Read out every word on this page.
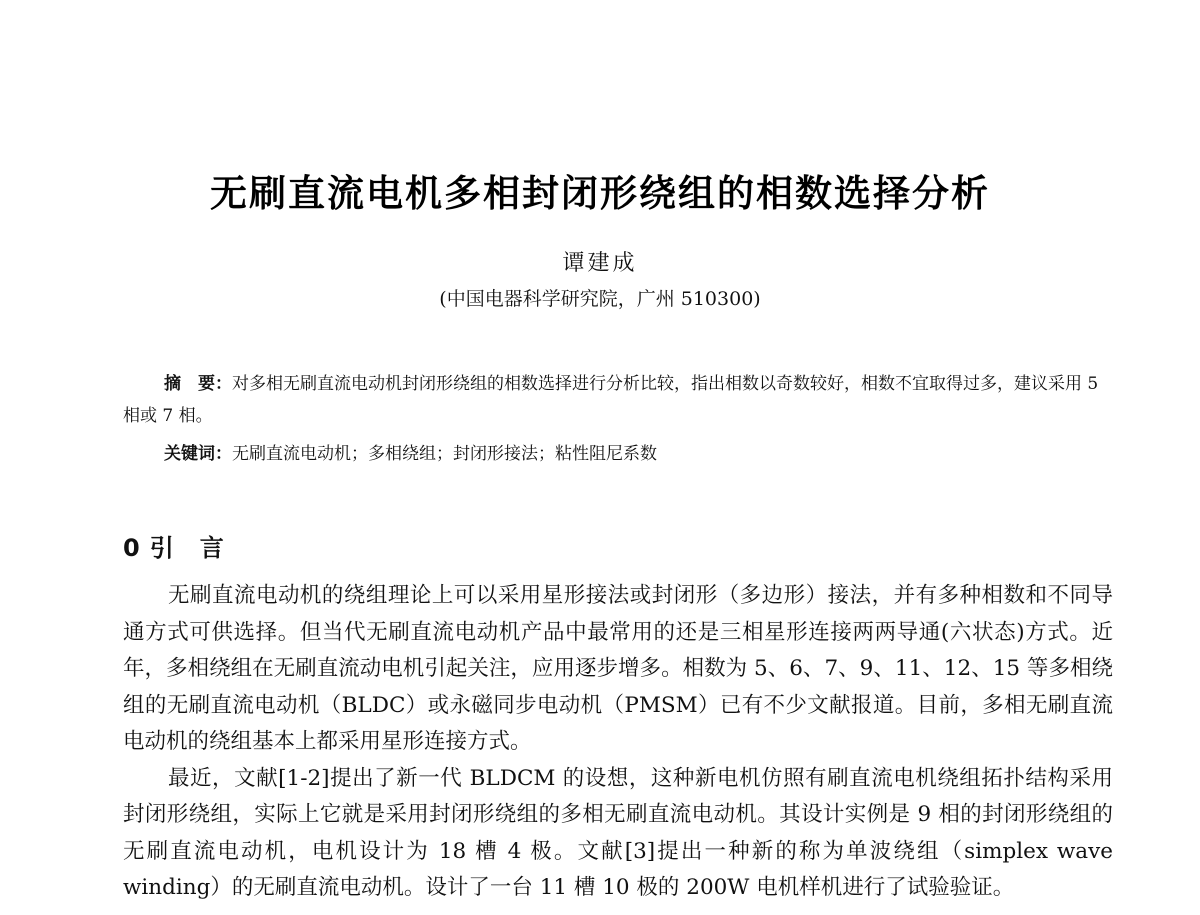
无刷直流电机多相封闭形绕组的相数选择分析
谭建成
(中国电器科学研究院，广州 510300)

摘　要：对多相无刷直流电动机封闭形绕组的相数选择进行分析比较，指出相数以奇数较好，相数不宜取得过多，建议采用 5 相或 7 相。

关键词：无刷直流电动机；多相绕组；封闭形接法；粘性阻尼系数
0 引 言

无刷直流电动机的绕组理论上可以采用星形接法或封闭形（多边形）接法，并有多种相数和不同导通方式可供选择。但当代无刷直流电动机产品中最常用的还是三相星形连接两两导通(六状态)方式。近年，多相绕组在无刷直流动电机引起关注，应用逐步增多。相数为 5、6、7、9、11、12、15 等多相绕组的无刷直流电动机（BLDC）或永磁同步电动机（PMSM）已有不少文献报道。目前，多相无刷直流电动机的绕组基本上都采用星形连接方式。

最近，文献[1-2]提出了新一代 BLDCM 的设想，这种新电机仿照有刷直流电机绕组拓扑结构采用封闭形绕组，实际上它就是采用封闭形绕组的多相无刷直流电动机。其设计实例是 9 相的封闭形绕组的无刷直流电动机，电机设计为 18 槽 4 极。文献[3]提出一种新的称为单波绕组（simplex wave winding）的无刷直流电动机。设计了一台 11 槽 10 极的 200W 电机样机进行了试验验证。
